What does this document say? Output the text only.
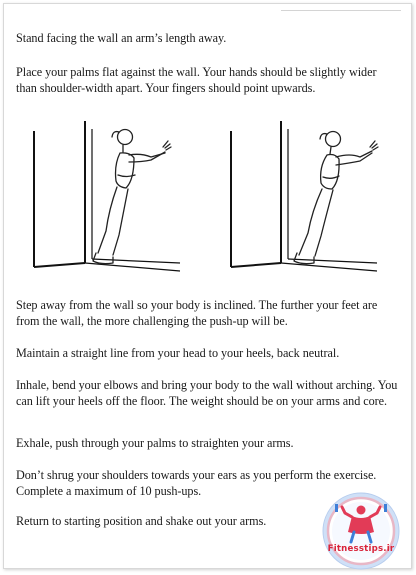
Stand facing the wall an arm’s length away.

Place your palms flat against the wall. Your hands should be slightly wider than shoulder-width apart. Your fingers should point upwards.

Step away from the wall so your body is inclined. The further your feet are from the wall, the more challenging the push-up will be.

Maintain a straight line from your head to your heels, back neutral.

Inhale, bend your elbows and bring your body to the wall without arching. You can lift your heels off the floor. The weight should be on your arms and core.

Exhale, push through your palms to straighten your arms.

Don’t shrug your shoulders towards your ears as you perform the exercise. Complete a maximum of 10 push-ups.

Return to starting position and shake out your arms.

Fitnesstips.ir
